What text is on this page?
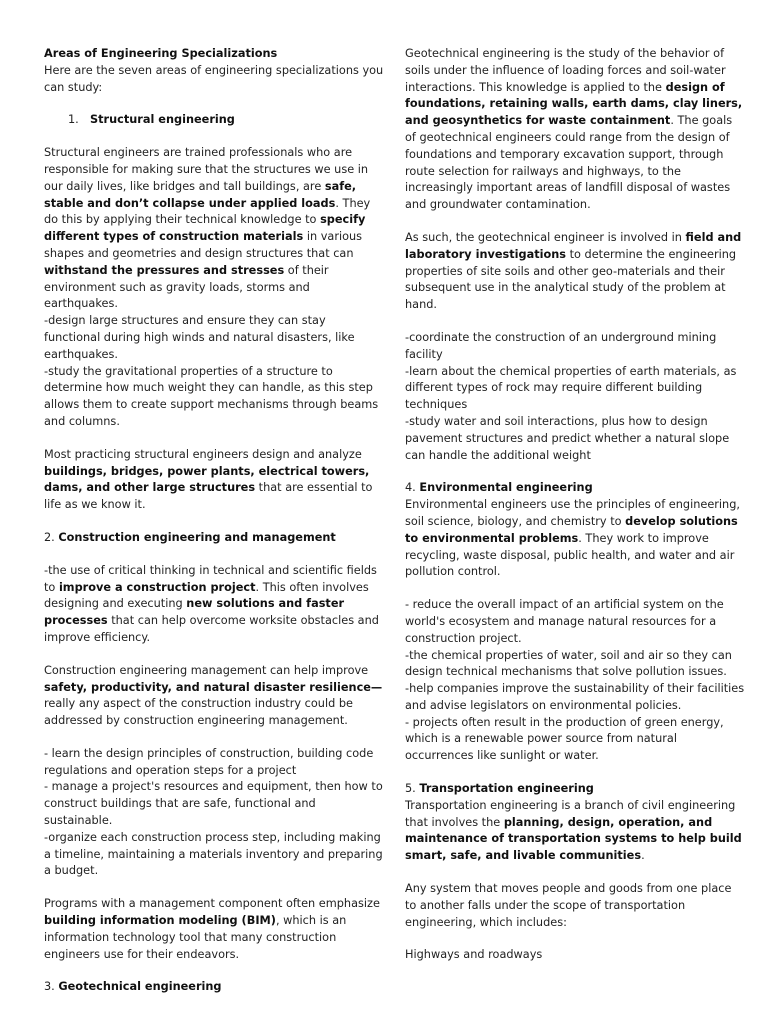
Areas of Engineering Specializations

Here are the seven areas of engineering specializations you can study:

1. Structural engineering

Structural engineers are trained professionals who are responsible for making sure that the structures we use in our daily lives, like bridges and tall buildings, are safe, stable and don’t collapse under applied loads. They do this by applying their technical knowledge to specify different types of construction materials in various shapes and geometries and design structures that can withstand the pressures and stresses of their environment such as gravity loads, storms and earthquakes.

-design large structures and ensure they can stay functional during high winds and natural disasters, like earthquakes.
-study the gravitational properties of a structure to determine how much weight they can handle, as this step allows them to create support mechanisms through beams and columns.

Most practicing structural engineers design and analyze buildings, bridges, power plants, electrical towers, dams, and other large structures that are essential to life as we know it.

2. Construction engineering and management

-the use of critical thinking in technical and scientific fields to improve a construction project. This often involves designing and executing new solutions and faster processes that can help overcome worksite obstacles and improve efficiency.

Construction engineering management can help improve safety, productivity, and natural disaster resilience—really any aspect of the construction industry could be addressed by construction engineering management.

- learn the design principles of construction, building code regulations and operation steps for a project
- manage a project's resources and equipment, then how to construct buildings that are safe, functional and sustainable.
-organize each construction process step, including making a timeline, maintaining a materials inventory and preparing a budget.

Programs with a management component often emphasize building information modeling (BIM), which is an information technology tool that many construction engineers use for their endeavors.

3. Geotechnical engineering

Geotechnical engineering is the study of the behavior of soils under the influence of loading forces and soil-water interactions. This knowledge is applied to the design of foundations, retaining walls, earth dams, clay liners, and geosynthetics for waste containment. The goals of geotechnical engineers could range from the design of foundations and temporary excavation support, through route selection for railways and highways, to the increasingly important areas of landfill disposal of wastes and groundwater contamination.

As such, the geotechnical engineer is involved in field and laboratory investigations to determine the engineering properties of site soils and other geo-materials and their subsequent use in the analytical study of the problem at hand.

-coordinate the construction of an underground mining facility
-learn about the chemical properties of earth materials, as different types of rock may require different building techniques
-study water and soil interactions, plus how to design pavement structures and predict whether a natural slope can handle the additional weight

4. Environmental engineering

Environmental engineers use the principles of engineering, soil science, biology, and chemistry to develop solutions to environmental problems. They work to improve recycling, waste disposal, public health, and water and air pollution control.

- reduce the overall impact of an artificial system on the world's ecosystem and manage natural resources for a construction project.
-the chemical properties of water, soil and air so they can design technical mechanisms that solve pollution issues.
-help companies improve the sustainability of their facilities and advise legislators on environmental policies.
- projects often result in the production of green energy, which is a renewable power source from natural occurrences like sunlight or water.

5. Transportation engineering

Transportation engineering is a branch of civil engineering that involves the planning, design, operation, and maintenance of transportation systems to help build smart, safe, and livable communities.

Any system that moves people and goods from one place to another falls under the scope of transportation engineering, which includes:

Highways and roadways
